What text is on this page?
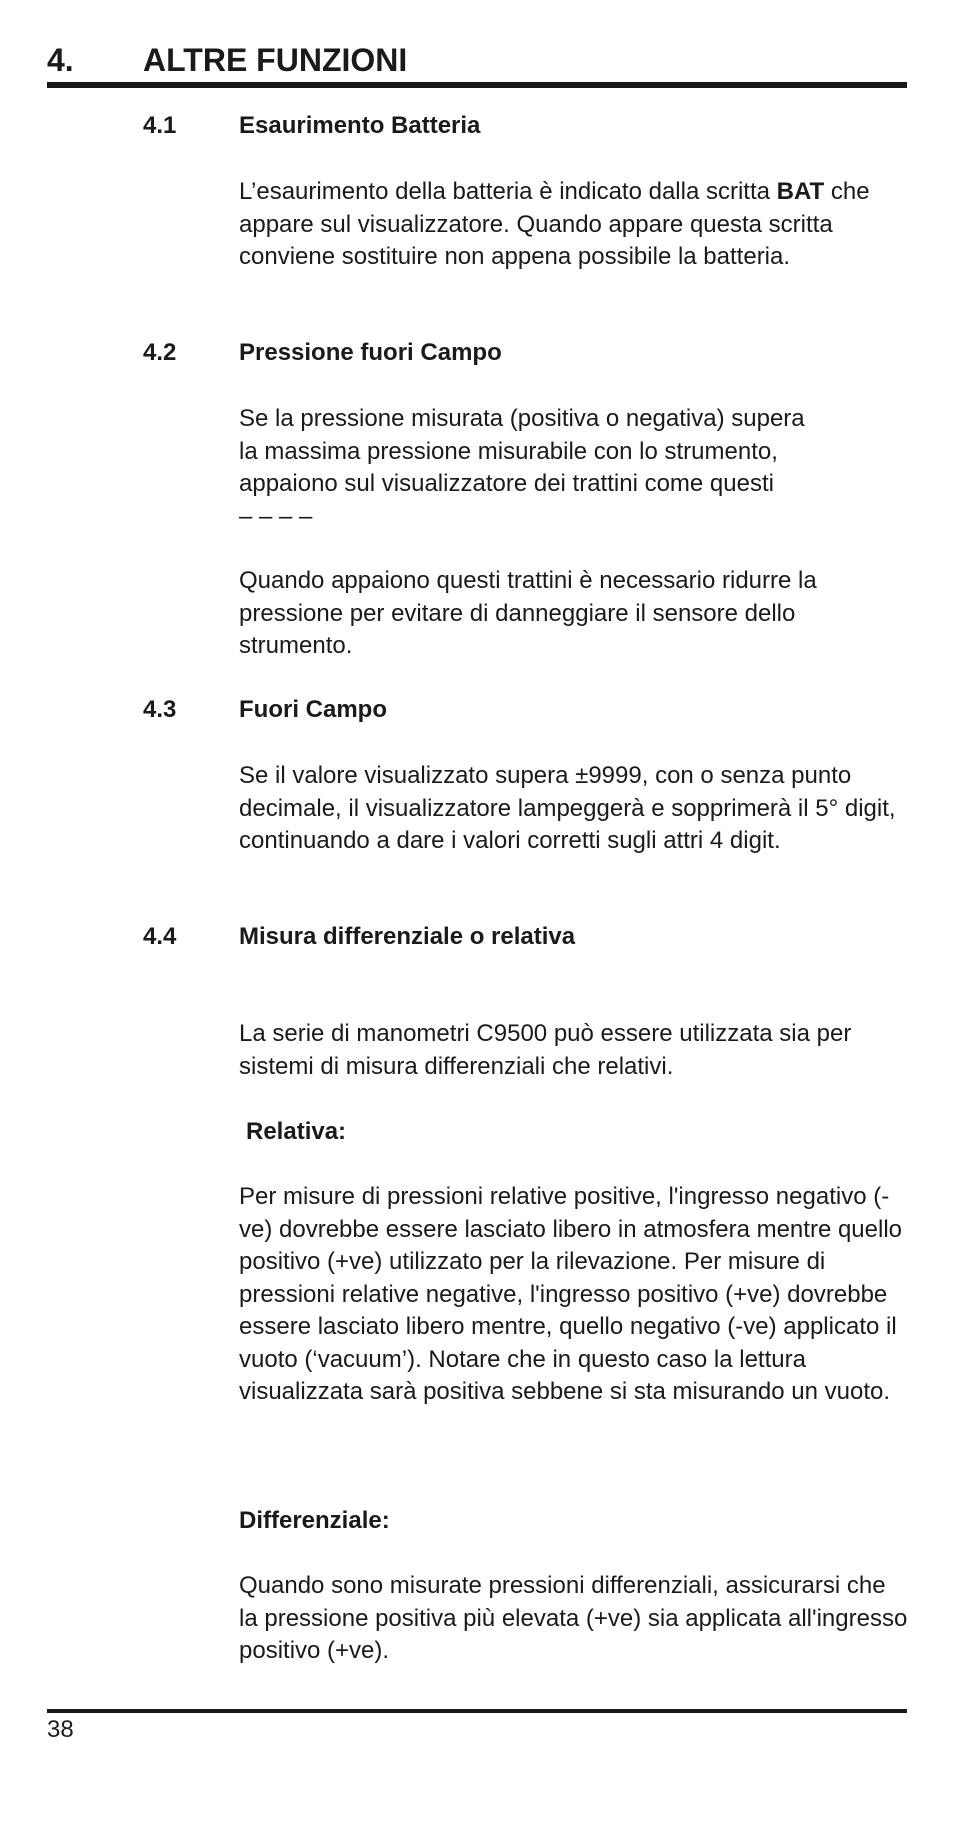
4. ALTRE FUNZIONI
4.1	Esaurimento Batteria

L’esaurimento della batteria è indicato dalla scritta BAT che appare sul visualizzatore. Quando appare questa scritta conviene sostituire non appena possibile la batteria.

4.2	Pressione fuori Campo
Se la pressione misurata (positiva o negativa) supera
la massima pressione misurabile con lo strumento,
appaiono sul visualizzatore dei trattini come questi
– – – –

Quando appaiono questi trattini è necessario ridurre la pressione per evitare di danneggiare il sensore dello strumento.

4.3	Fuori Campo

Se il valore visualizzato supera ±9999, con o senza punto decimale, il visualizzatore lampeggerà e sopprimerà il 5° digit, continuando a dare i valori corretti sugli attri 4 digit.

4.4	Misura differenziale o relativa

La serie di manometri C9500 può essere utilizzata sia per sistemi di misura differenziali che relativi.

Relativa:

Per misure di pressioni relative positive, l'ingresso negativo (-ve) dovrebbe essere lasciato libero in atmosfera mentre quello positivo (+ve) utilizzato per la rilevazione. Per misure di pressioni relative negative, l'ingresso positivo (+ve) dovrebbe essere lasciato libero mentre, quello negativo (-ve) applicato il vuoto (‘vacuum’). Notare che in questo caso la lettura visualizzata sarà positiva sebbene si sta misurando un vuoto.

Differenziale:

Quando sono misurate pressioni differenziali, assicurarsi che la pressione positiva più elevata (+ve) sia applicata all'ingresso positivo (+ve).

38
